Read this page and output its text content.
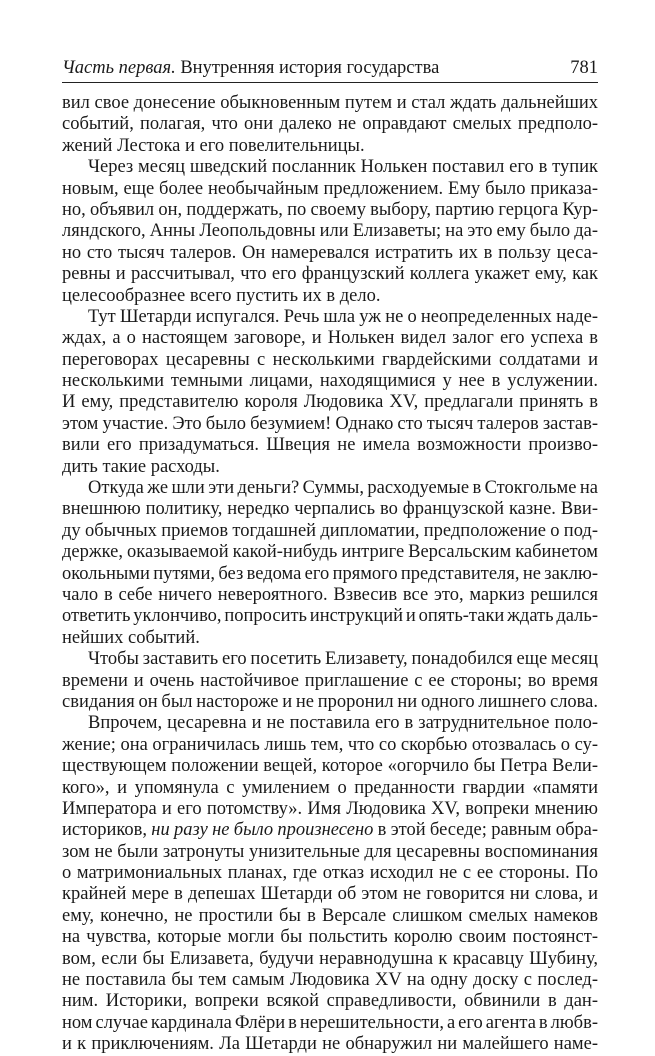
Часть первая. Внутренняя история государства	781
вил свое донесение обыкновенным путем и стал ждать дальнейших
событий, полагая, что они далеко не оправдают смелых предполо-
жений Лестока и его повелительницы.
Через месяц шведский посланник Нолькен поставил его в тупик
новым, еще более необычайным предложением. Ему было приказа-
но, объявил он, поддержать, по своему выбору, партию герцога Кур-
ляндского, Анны Леопольдовны или Елизаветы; на это ему было да-
но сто тысяч талеров. Он намеревался истратить их в пользу цеса-
ревны и рассчитывал, что его французский коллега укажет ему, как
целесообразнее всего пустить их в дело.
Тут Шетарди испугался. Речь шла уж не о неопределенных наде-
ждах, а о настоящем заговоре, и Нолькен видел залог его успеха в
переговорах цесаревны с несколькими гвардейскими солдатами и
несколькими темными лицами, находящимися у нее в услужении.
И ему, представителю короля Людовика XV, предлагали принять в
этом участие. Это было безумием! Однако сто тысяч талеров застав-
вили его призадуматься. Швеция не имела возможности произво-
дить такие расходы.
Откуда же шли эти деньги? Суммы, расходуемые в Стокгольме на
внешнюю политику, нередко черпались во французской казне. Вви-
ду обычных приемов тогдашней дипломатии, предположение о под-
держке, оказываемой какой-нибудь интриге Версальским кабинетом
окольными путями, без ведома его прямого представителя, не заклю-
чало в себе ничего невероятного. Взвесив все это, маркиз решился
ответить уклончиво, попросить инструкций и опять-таки ждать даль-
нейших событий.
Чтобы заставить его посетить Елизавету, понадобился еще месяц
времени и очень настойчивое приглашение с ее стороны; во время
свидания он был настороже и не проронил ни одного лишнего слова.
Впрочем, цесаревна и не поставила его в затруднительное поло-
жение; она ограничилась лишь тем, что со скорбью отозвалась о су-
ществующем положении вещей, которое «огорчило бы Петра Вели-
кого», и упомянула с умилением о преданности гвардии «памяти
Императора и его потомству». Имя Людовика XV, вопреки мнению
историков, ни разу не было произнесено в этой беседе; равным обра-
зом не были затронуты унизительные для цесаревны воспоминания
о матримониальных планах, где отказ исходил не с ее стороны. По
крайней мере в депешах Шетарди об этом не говорится ни слова, и
ему, конечно, не простили бы в Версале слишком смелых намеков
на чувства, которые могли бы польстить королю своим постоянст-
вом, если бы Елизавета, будучи неравнодушна к красавцу Шубину,
не поставила бы тем самым Людовика XV на одну доску с послед-
ним. Историки, вопреки всякой справедливости, обвинили в дан-
ном случае кардинала Флёри в нерешительности, а его агента в любв-
и к приключениям. Ла Шетарди не обнаружил ни малейшего наме-
